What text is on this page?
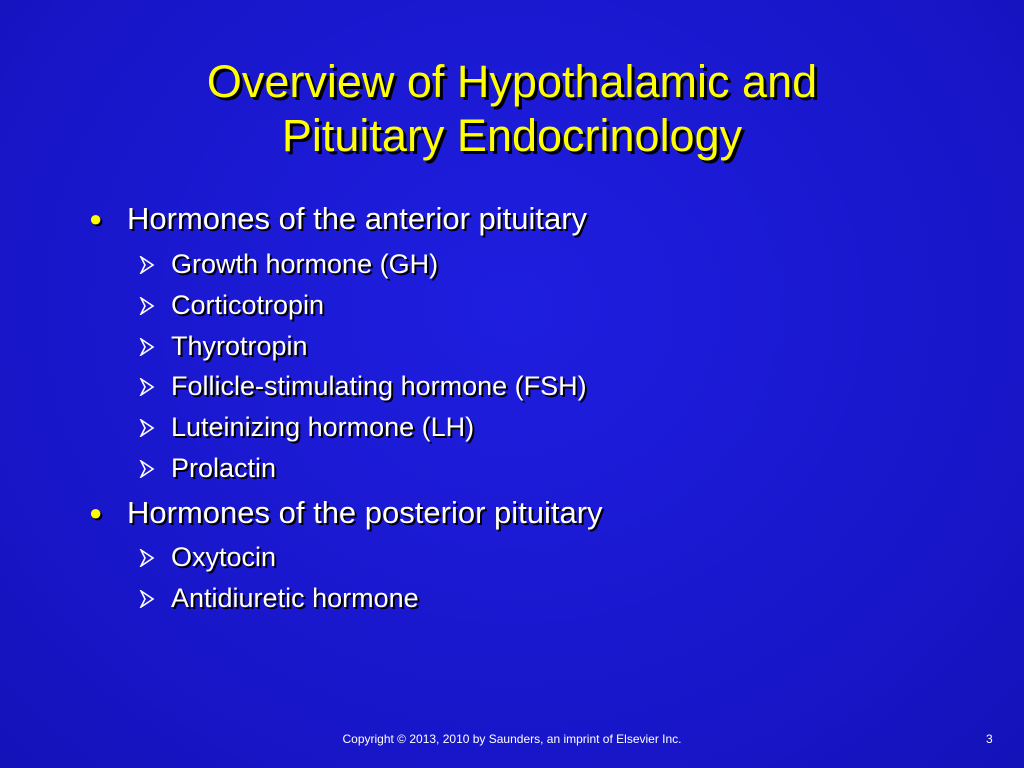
Overview of Hypothalamic and
Pituitary Endocrinology
● Hormones of the anterior pituitary
Growth hormone (GH)
Corticotropin
Thyrotropin
Follicle-stimulating hormone (FSH)
Luteinizing hormone (LH)
Prolactin
● Hormones of the posterior pituitary
Oxytocin
Antidiuretic hormone
Copyright © 2013, 2010 by Saunders, an imprint of Elsevier Inc.	3
